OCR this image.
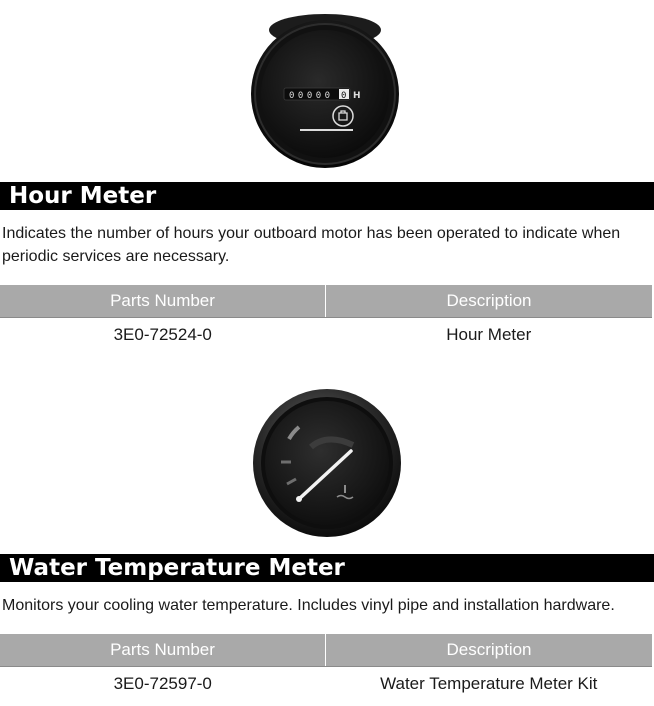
00000 0 H
Hour Meter

Indicates the number of hours your outboard motor has been operated to indicate when periodic services are necessary.

Parts Number	Description
3E0-72524-0	Hour Meter
Water Temperature Meter

Monitors your cooling water temperature. Includes vinyl pipe and installation hardware.

Parts Number	Description
3E0-72597-0	Water Temperature Meter Kit
